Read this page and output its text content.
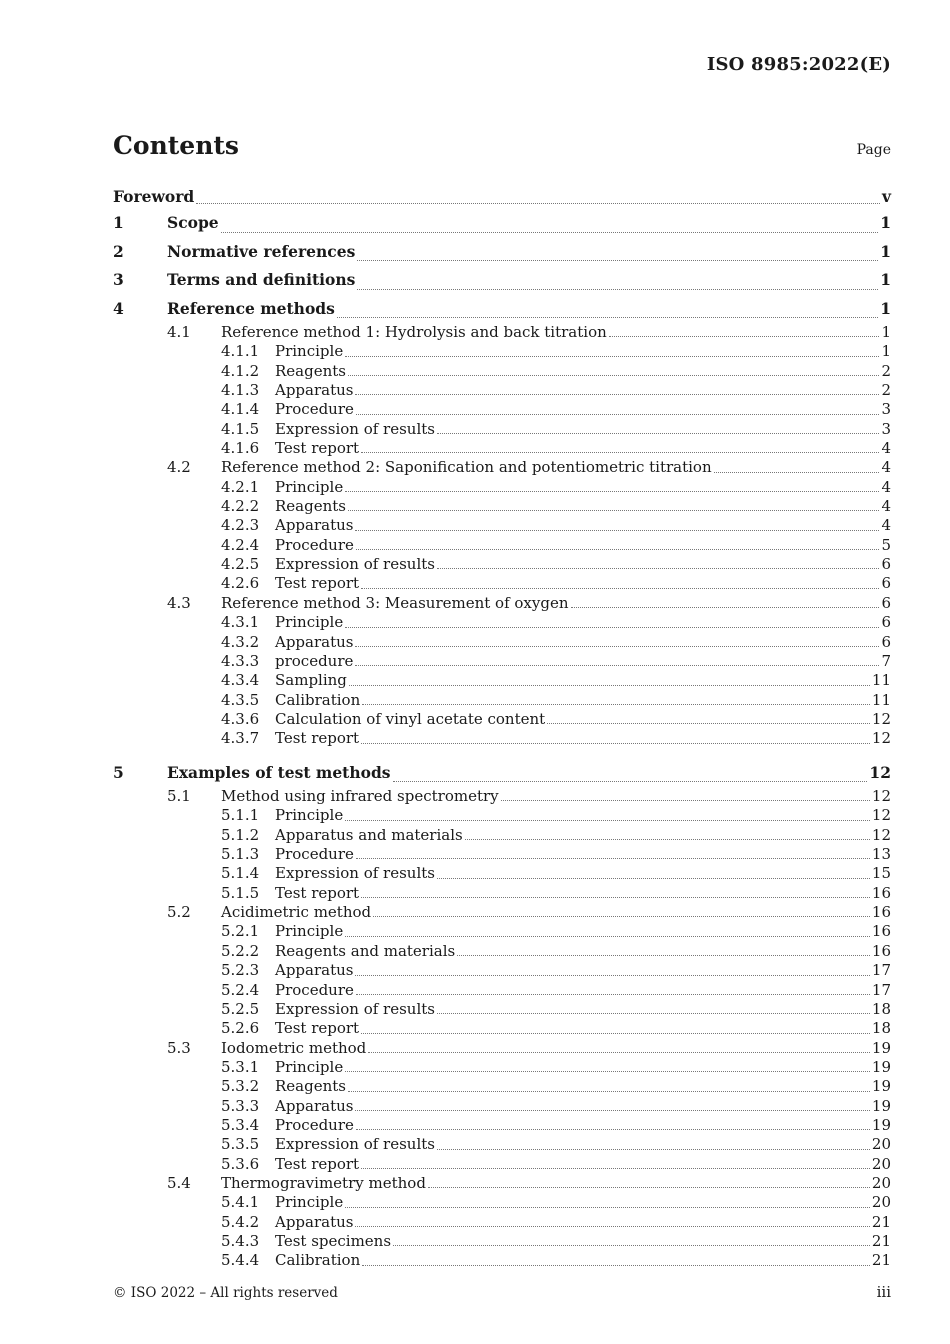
ISO 8985:2022(E)
Contents	Page
Foreword	v
1	Scope	1
2	Normative references	1
3	Terms and definitions	1
4	Reference methods	1
4.1	Reference method 1: Hydrolysis and back titration	1
4.1.1	Principle	1
4.1.2	Reagents	2
4.1.3	Apparatus	2
4.1.4	Procedure	3
4.1.5	Expression of results	3
4.1.6	Test report	4
4.2	Reference method 2: Saponification and potentiometric titration	4
4.2.1	Principle	4
4.2.2	Reagents	4
4.2.3	Apparatus	4
4.2.4	Procedure	5
4.2.5	Expression of results	6
4.2.6	Test report	6
4.3	Reference method 3: Measurement of oxygen	6
4.3.1	Principle	6
4.3.2	Apparatus	6
4.3.3	procedure	7
4.3.4	Sampling	11
4.3.5	Calibration	11
4.3.6	Calculation of vinyl acetate content	12
4.3.7	Test report	12
5	Examples of test methods	12
5.1	Method using infrared spectrometry	12
5.1.1	Principle	12
5.1.2	Apparatus and materials	12
5.1.3	Procedure	13
5.1.4	Expression of results	15
5.1.5	Test report	16
5.2	Acidimetric method	16
5.2.1	Principle	16
5.2.2	Reagents and materials	16
5.2.3	Apparatus	17
5.2.4	Procedure	17
5.2.5	Expression of results	18
5.2.6	Test report	18
5.3	Iodometric method	19
5.3.1	Principle	19
5.3.2	Reagents	19
5.3.3	Apparatus	19
5.3.4	Procedure	19
5.3.5	Expression of results	20
5.3.6	Test report	20
5.4	Thermogravimetry method	20
5.4.1	Principle	20
5.4.2	Apparatus	21
5.4.3	Test specimens	21
5.4.4	Calibration	21
© ISO 2022 – All rights reserved	iii
